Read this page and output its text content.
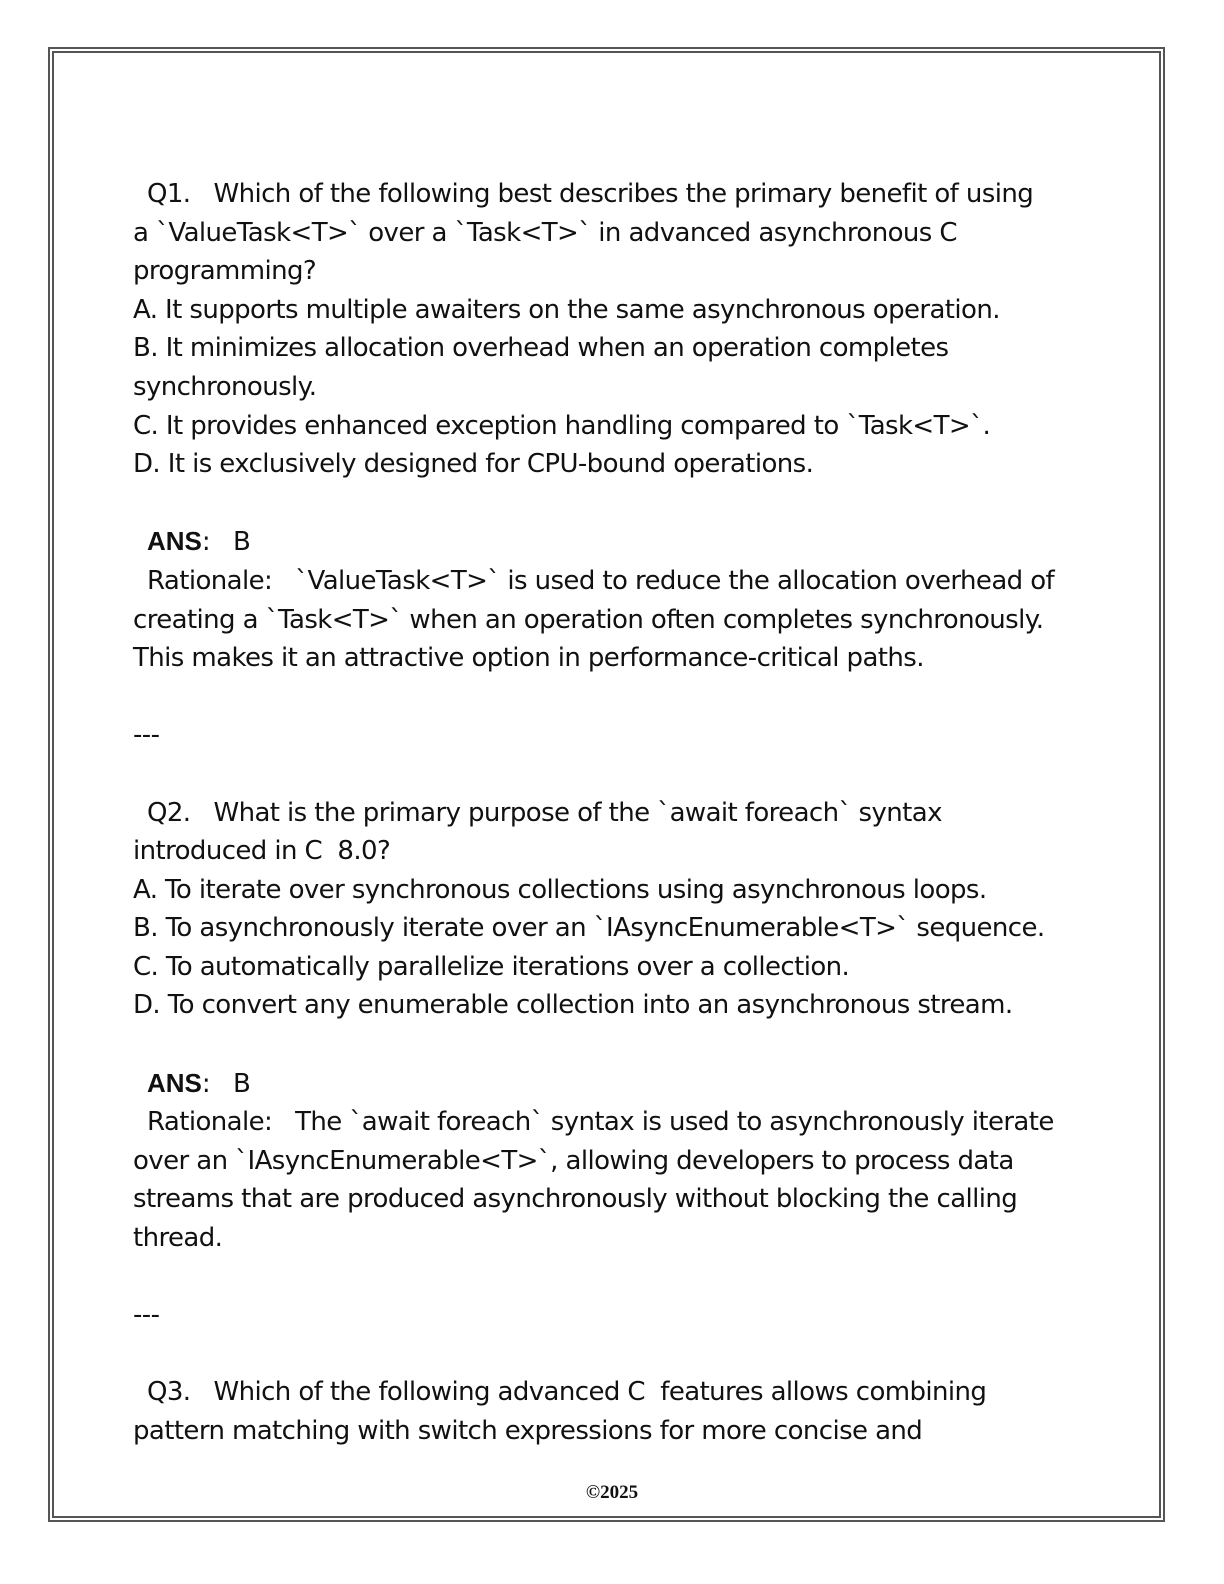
Q1.   Which of the following best describes the primary benefit of using
a `ValueTask<T>` over a `Task<T>` in advanced asynchronous C
programming?
A. It supports multiple awaiters on the same asynchronous operation.
B. It minimizes allocation overhead when an operation completes
synchronously.
C. It provides enhanced exception handling compared to `Task<T>`.
D. It is exclusively designed for CPU-bound operations.
ANS:   B
Rationale:   `ValueTask<T>` is used to reduce the allocation overhead of
creating a `Task<T>` when an operation often completes synchronously.
This makes it an attractive option in performance-critical paths.
---
Q2.   What is the primary purpose of the `await foreach` syntax
introduced in C  8.0?
A. To iterate over synchronous collections using asynchronous loops.
B. To asynchronously iterate over an `IAsyncEnumerable<T>` sequence.
C. To automatically parallelize iterations over a collection.
D. To convert any enumerable collection into an asynchronous stream.
ANS:   B
Rationale:   The `await foreach` syntax is used to asynchronously iterate
over an `IAsyncEnumerable<T>`, allowing developers to process data
streams that are produced asynchronously without blocking the calling
thread.
---
Q3.   Which of the following advanced C  features allows combining
pattern matching with switch expressions for more concise and
©2025
